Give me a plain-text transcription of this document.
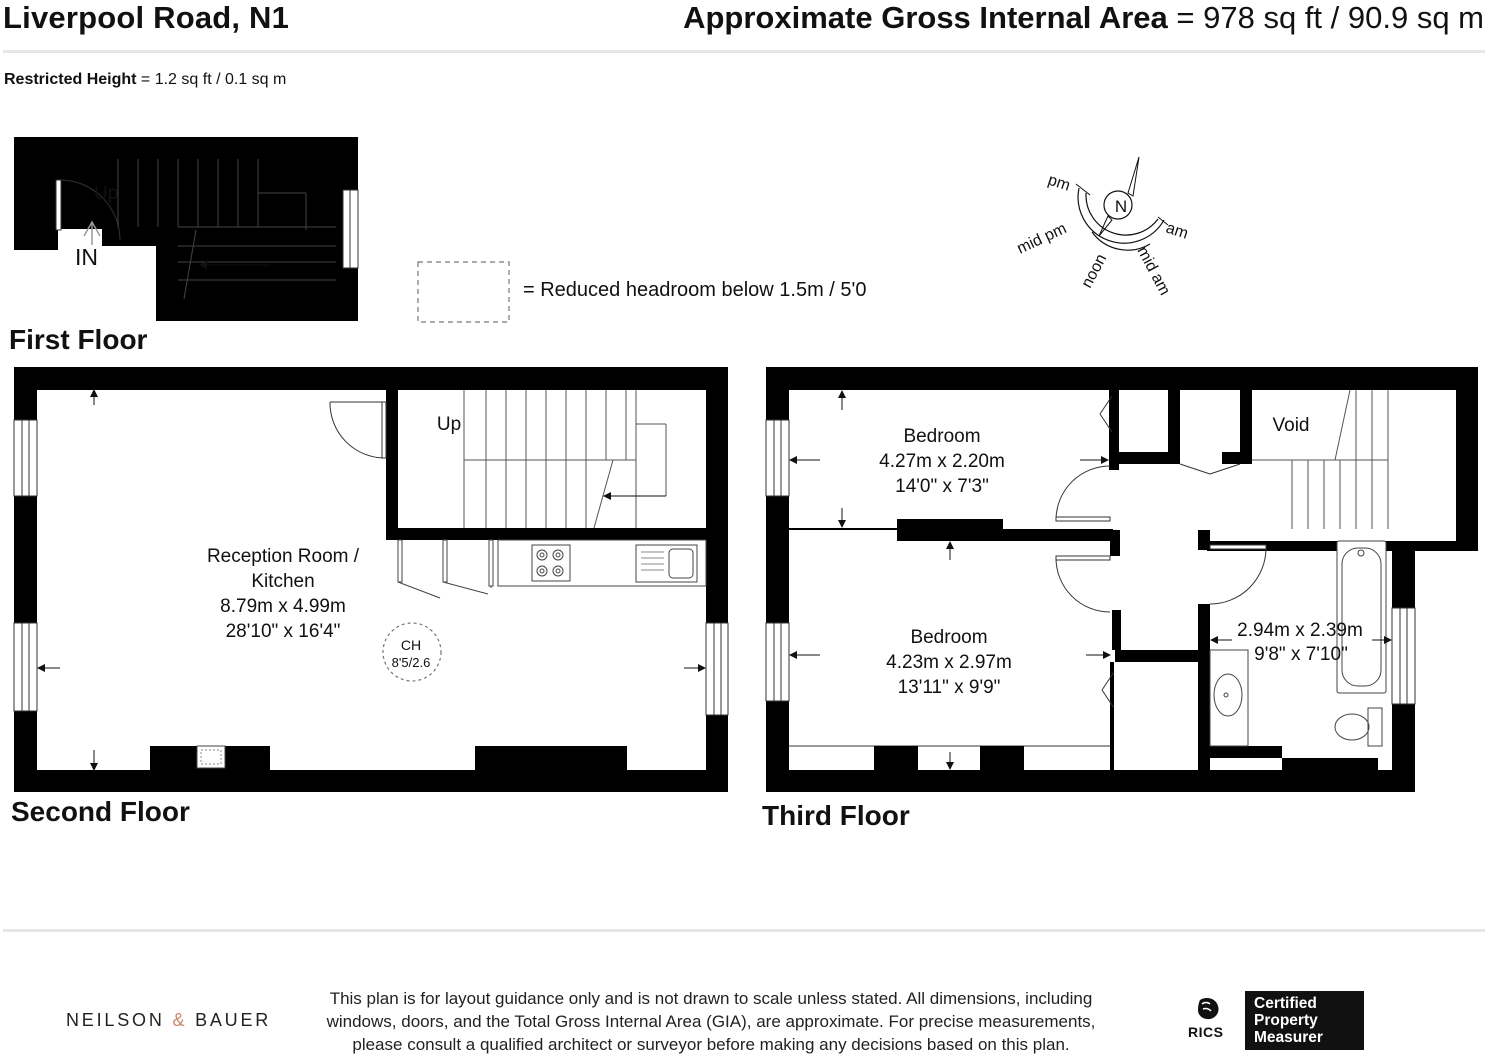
Liverpool Road, N1	Approximate Gross Internal Area = 978 sq ft / 90.9 sq m
Restricted Height = 1.2 sq ft / 0.1 sq m
Up
IN
N
pm
am
mid pm
noon mid am
Up
Reception Room /
Kitchen
8.79m x 4.99m
28'10" x 16'4"
CH
8'5/2.6
Bedroom
4.27m x 2.20m
14'0" x 7'3"
Void
Bedroom
4.23m x 2.97m
13'11" x 9'9"
2.94m x 2.39m
9'8" x 7'10"
First Floor
Second Floor	Third Floor
= Reduced headroom below 1.5m / 5'0
NEILSON & BAUER
This plan is for layout guidance only and is not drawn to scale unless stated. All dimensions, including windows, doors, and the Total Gross Internal Area (GIA), are approximate. For precise measurements, please consult a qualified architect or surveyor before making any decisions based on this plan.
RICS
Certified
Property
Measurer
